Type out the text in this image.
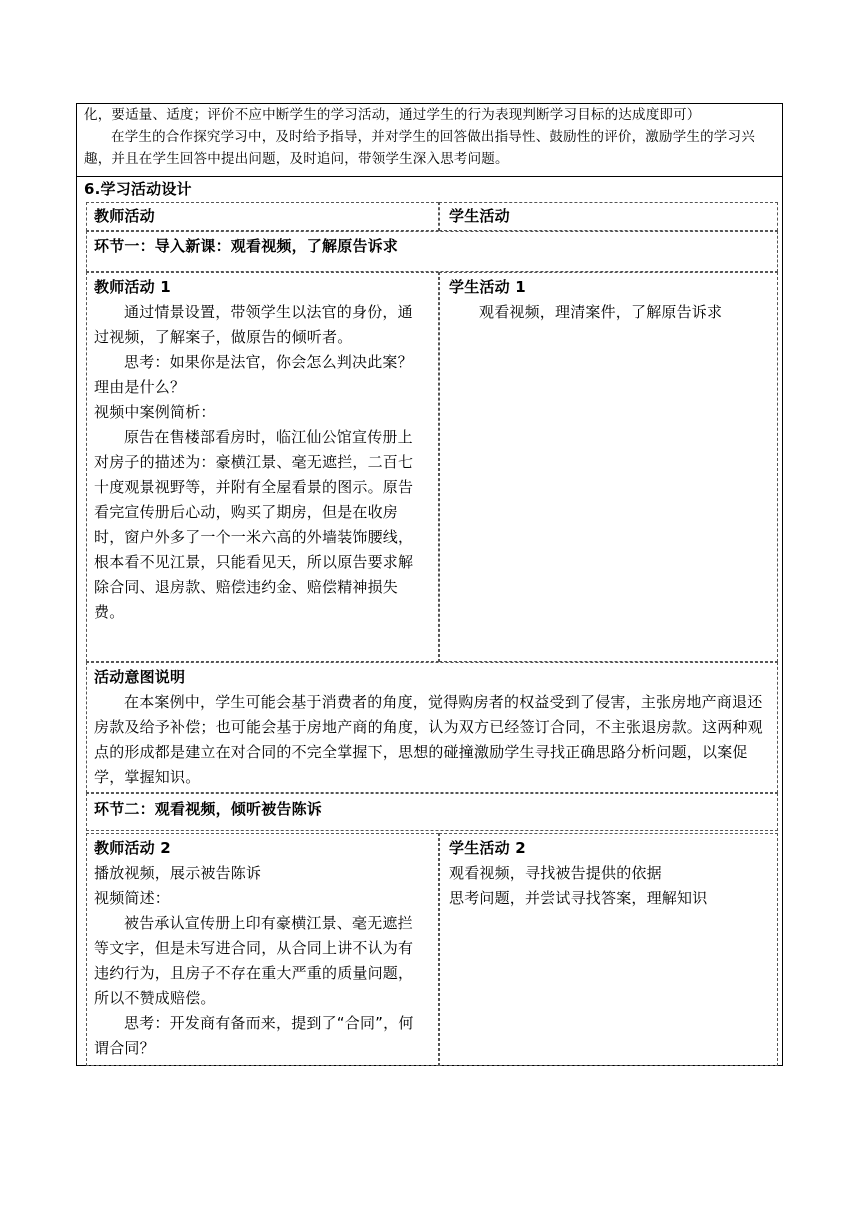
化，要适量、适度；评价不应中断学生的学习活动，通过学生的行为表现判断学习目标的达成度即可）

在学生的合作探究学习中，及时给予指导，并对学生的回答做出指导性、鼓励性的评价，激励学生的学习兴趣，并且在学生回答中提出问题，及时追问，带领学生深入思考问题。

6.学习活动设计
教师活动	学生活动
环节一：导入新课：观看视频，了解原告诉求

教师活动 1

通过情景设置，带领学生以法官的身份，通过视频，了解案子，做原告的倾听者。

思考：如果你是法官，你会怎么判决此案？理由是什么？

视频中案例简析：

原告在售楼部看房时，临江仙公馆宣传册上对房子的描述为：豪横江景、毫无遮拦，二百七十度观景视野等，并附有全屋看景的图示。原告看完宣传册后心动，购买了期房，但是在收房时，窗户外多了一个一米六高的外墙装饰腰线，根本看不见江景，只能看见天，所以原告要求解除合同、退房款、赔偿违约金、赔偿精神损失费。

学生活动 1

观看视频，理清案件，了解原告诉求

活动意图说明

在本案例中，学生可能会基于消费者的角度，觉得购房者的权益受到了侵害，主张房地产商退还房款及给予补偿；也可能会基于房地产商的角度，认为双方已经签订合同，不主张退房款。这两种观点的形成都是建立在对合同的不完全掌握下，思想的碰撞激励学生寻找正确思路分析问题，以案促学，掌握知识。

环节二：观看视频，倾听被告陈诉

教师活动 2

播放视频，展示被告陈诉

视频简述：

被告承认宣传册上印有豪横江景、毫无遮拦等文字，但是未写进合同，从合同上讲不认为有违约行为，且房子不存在重大严重的质量问题，所以不赞成赔偿。

思考：开发商有备而来，提到了“合同”，何谓合同？

学生活动 2

观看视频，寻找被告提供的依据

思考问题，并尝试寻找答案，理解知识
